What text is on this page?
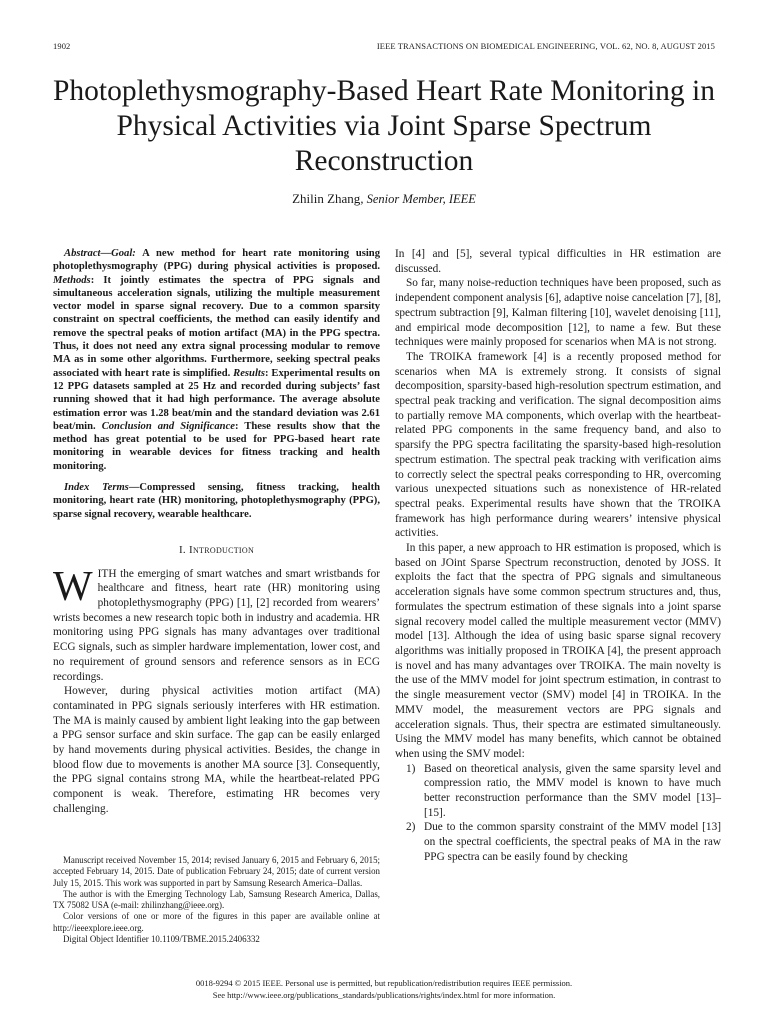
1902	IEEE TRANSACTIONS ON BIOMEDICAL ENGINEERING, VOL. 62, NO. 8, AUGUST 2015
Photoplethysmography-Based Heart Rate Monitoring in Physical Activities via Joint Sparse Spectrum Reconstruction
Zhilin Zhang, Senior Member, IEEE

Abstract—Goal: A new method for heart rate monitoring using photoplethysmography (PPG) during physical activities is proposed. Methods: It jointly estimates the spectra of PPG signals and simultaneous acceleration signals, utilizing the multiple measurement vector model in sparse signal recovery. Due to a common sparsity constraint on spectral coefficients, the method can easily identify and remove the spectral peaks of motion artifact (MA) in the PPG spectra. Thus, it does not need any extra signal processing modular to remove MA as in some other algorithms. Furthermore, seeking spectral peaks associated with heart rate is simplified. Results: Experimental results on 12 PPG datasets sampled at 25 Hz and recorded during subjects’ fast running showed that it had high performance. The average absolute estimation error was 1.28 beat/min and the standard deviation was 2.61 beat/min. Conclusion and Significance: These results show that the method has great potential to be used for PPG-based heart rate monitoring in wearable devices for fitness tracking and health monitoring.

Index Terms—Compressed sensing, fitness tracking, health monitoring, heart rate (HR) monitoring, photoplethysmography (PPG), sparse signal recovery, wearable healthcare.

I. Introduction

WITH the emerging of smart watches and smart wristbands for healthcare and fitness, heart rate (HR) monitoring using photoplethysmography (PPG) [1], [2] recorded from wearers’ wrists becomes a new research topic both in industry and academia. HR monitoring using PPG signals has many advantages over traditional ECG signals, such as simpler hardware implementation, lower cost, and no requirement of ground sensors and reference sensors as in ECG recordings.

However, during physical activities motion artifact (MA) contaminated in PPG signals seriously interferes with HR estimation. The MA is mainly caused by ambient light leaking into the gap between a PPG sensor surface and skin surface. The gap can be easily enlarged by hand movements during physical activities. Besides, the change in blood flow due to movements is another MA source [3]. Consequently, the PPG signal contains strong MA, while the heartbeat-related PPG component is weak. Therefore, estimating HR becomes very challenging.

Manuscript received November 15, 2014; revised January 6, 2015 and February 6, 2015; accepted February 14, 2015. Date of publication February 24, 2015; date of current version July 15, 2015. This work was supported in part by Samsung Research America–Dallas.

The author is with the Emerging Technology Lab, Samsung Research America, Dallas, TX 75082 USA (e-mail: zhilinzhang@ieee.org).

Color versions of one or more of the figures in this paper are available online at http://ieeexplore.ieee.org.

Digital Object Identifier 10.1109/TBME.2015.2406332

In [4] and [5], several typical difficulties in HR estimation are discussed.

So far, many noise-reduction techniques have been proposed, such as independent component analysis [6], adaptive noise cancelation [7], [8], spectrum subtraction [9], Kalman filtering [10], wavelet denoising [11], and empirical mode decomposition [12], to name a few. But these techniques were mainly proposed for scenarios when MA is not strong.

The TROIKA framework [4] is a recently proposed method for scenarios when MA is extremely strong. It consists of signal decomposition, sparsity-based high-resolution spectrum estimation, and spectral peak tracking and verification. The signal decomposition aims to partially remove MA components, which overlap with the heartbeat-related PPG components in the same frequency band, and also to sparsify the PPG spectra facilitating the sparsity-based high-resolution spectrum estimation. The spectral peak tracking with verification aims to correctly select the spectral peaks corresponding to HR, overcoming various unexpected situations such as nonexistence of HR-related spectral peaks. Experimental results have shown that the TROIKA framework has high performance during wearers’ intensive physical activities.

In this paper, a new approach to HR estimation is proposed, which is based on JOint Sparse Spectrum reconstruction, denoted by JOSS. It exploits the fact that the spectra of PPG signals and simultaneous acceleration signals have some common spectrum structures and, thus, formulates the spectrum estimation of these signals into a joint sparse signal recovery model called the multiple measurement vector (MMV) model [13]. Although the idea of using basic sparse signal recovery algorithms was initially proposed in TROIKA [4], the present approach is novel and has many advantages over TROIKA. The main novelty is the use of the MMV model for joint spectrum estimation, in contrast to the single measurement vector (SMV) model [4] in TROIKA. In the MMV model, the measurement vectors are PPG signals and acceleration signals. Thus, their spectra are estimated simultaneously. Using the MMV model has many benefits, which cannot be obtained when using the SMV model:

1) Based on theoretical analysis, given the same sparsity level and compression ratio, the MMV model is known to have much better reconstruction performance than the SMV model [13]–[15].
2) Due to the common sparsity constraint of the MMV model [13] on the spectral coefficients, the spectral peaks of MA in the raw PPG spectra can be easily found by checking
0018-9294 © 2015 IEEE. Personal use is permitted, but republication/redistribution requires IEEE permission.
See http://www.ieee.org/publications_standards/publications/rights/index.html for more information.
